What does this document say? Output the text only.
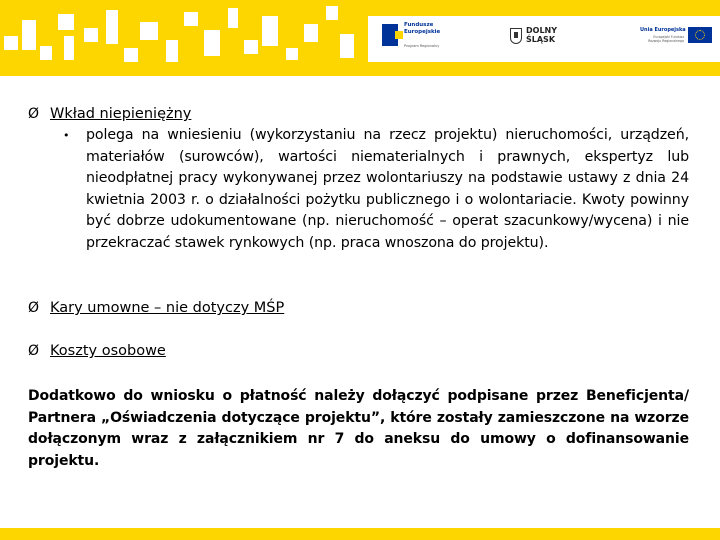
Fundusze
Europejskie
Program Regionalny
DOLNY
ŚLĄSK
Unia Europejska
Europejski Fundusz Rozwoju Regionalnego
Ø Wkład niepieniężny
• polega na wniesieniu (wykorzystaniu na rzecz projektu) nieruchomości, urządzeń, materiałów (surowców), wartości niematerialnych i prawnych, ekspertyz lub nieodpłatnej pracy wykonywanej przez wolontariuszy na podstawie ustawy z dnia 24 kwietnia 2003 r. o działalności pożytku publicznego i o wolontariacie. Kwoty powinny być dobrze udokumentowane (np. nieruchomość – operat szacunkowy/wycena) i nie przekraczać stawek rynkowych (np. praca wnoszona do projektu).
Ø Kary umowne – nie dotyczy MŚP
Ø Koszty osobowe
Dodatkowo do wniosku o płatność należy dołączyć podpisane przez Beneficjenta/ Partnera „Oświadczenia dotyczące projektu”, które zostały zamieszczone na wzorze dołączonym wraz z załącznikiem nr 7 do aneksu do umowy o dofinansowanie projektu.
